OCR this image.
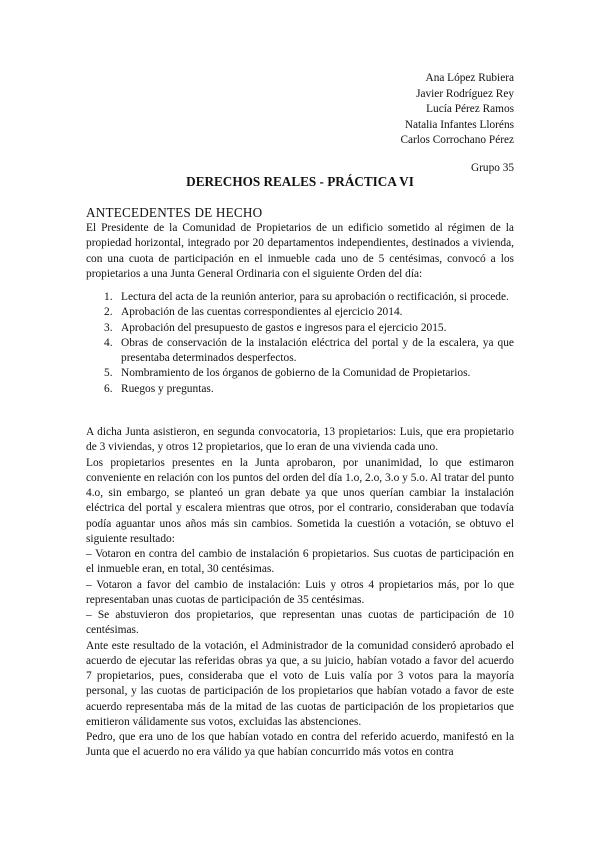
Ana López Rubiera
Javier Rodríguez Rey
Lucía Pérez Ramos
Natalia Infantes Lloréns
Carlos Corrochano Pérez
Grupo 35
DERECHOS REALES - PRÁCTICA VI
ANTECEDENTES DE HECHO

El Presidente de la Comunidad de Propietarios de un edificio sometido al régimen de la propiedad horizontal, integrado por 20 departamentos independientes, destinados a vivienda, con una cuota de participación en el inmueble cada uno de 5 centésimas, convocó a los propietarios a una Junta General Ordinaria con el siguiente Orden del día:

1. Lectura del acta de la reunión anterior, para su aprobación o rectificación, si procede.
2. Aprobación de las cuentas correspondientes al ejercicio 2014.
3. Aprobación del presupuesto de gastos e ingresos para el ejercicio 2015.
4. Obras de conservación de la instalación eléctrica del portal y de la escalera, ya que presentaba determinados desperfectos.
5. Nombramiento de los órganos de gobierno de la Comunidad de Propietarios.
6. Ruegos y preguntas.

A dicha Junta asistieron, en segunda convocatoria, 13 propietarios: Luis, que era propietario de 3 viviendas, y otros 12 propietarios, que lo eran de una vivienda cada uno.

Los propietarios presentes en la Junta aprobaron, por unanimidad, lo que estimaron conveniente en relación con los puntos del orden del día 1.o, 2.o, 3.o y 5.o. Al tratar del punto 4.o, sin embargo, se planteó un gran debate ya que unos querían cambiar la instalación eléctrica del portal y escalera mientras que otros, por el contrario, consideraban que todavía podía aguantar unos años más sin cambios. Sometida la cuestión a votación, se obtuvo el siguiente resultado:

– Votaron en contra del cambio de instalación 6 propietarios. Sus cuotas de participación en el inmueble eran, en total, 30 centésimas.

– Votaron a favor del cambio de instalación: Luis y otros 4 propietarios más, por lo que representaban unas cuotas de participación de 35 centésimas.

– Se abstuvieron dos propietarios, que representan unas cuotas de participación de 10 centésimas.

Ante este resultado de la votación, el Administrador de la comunidad consideró aprobado el acuerdo de ejecutar las referidas obras ya que, a su juicio, habían votado a favor del acuerdo 7 propietarios, pues, consideraba que el voto de Luis valía por 3 votos para la mayoría personal, y las cuotas de participación de los propietarios que habían votado a favor de este acuerdo representaba más de la mitad de las cuotas de participación de los propietarios que emitieron válidamente sus votos, excluidas las abstenciones.

Pedro, que era uno de los que habían votado en contra del referido acuerdo, manifestó en la Junta que el acuerdo no era válido ya que habían concurrido más votos en contra
